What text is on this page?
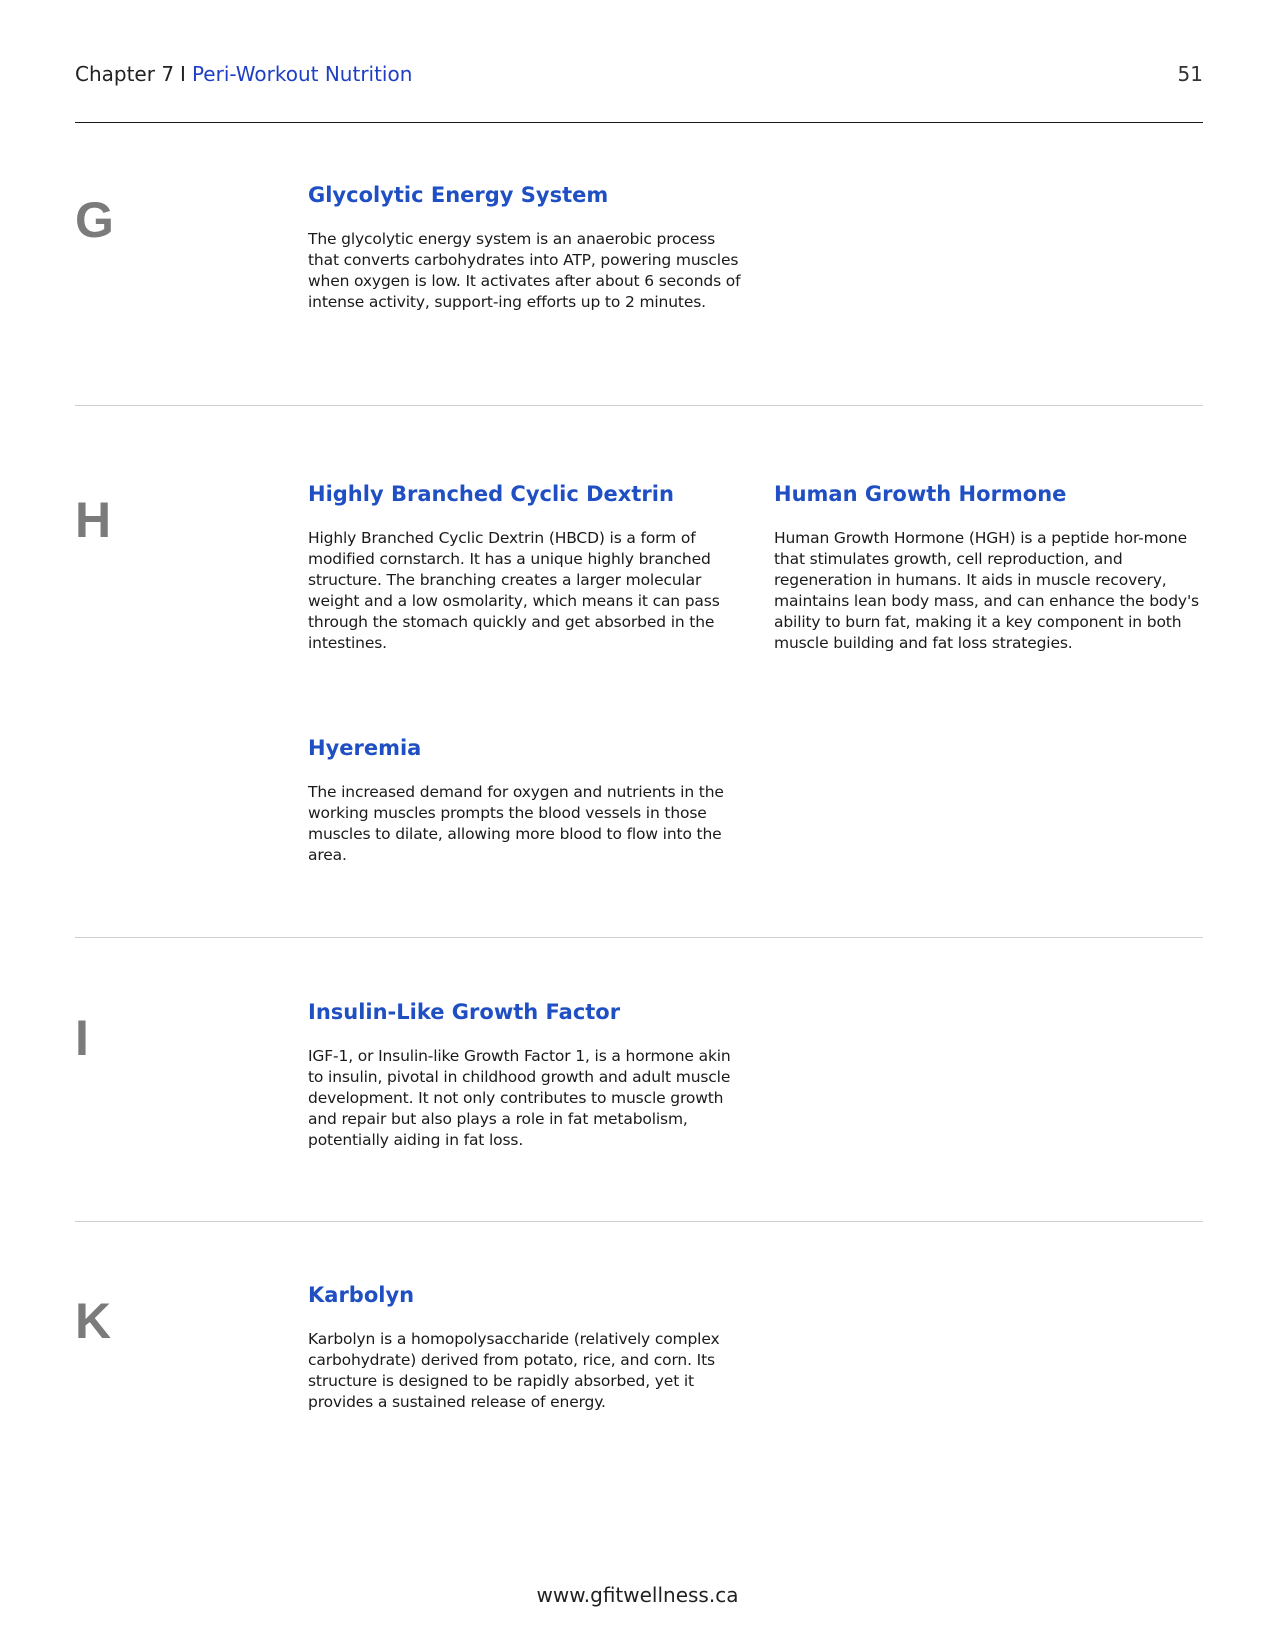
Chapter 7 I Peri-Workout Nutrition	51
G	Glycolytic Energy System
The glycolytic energy system is an anaerobic process that converts carbohydrates into ATP, powering muscles when oxygen is low. It activates after about 6 seconds of intense activity, support-ing efforts up to 2 minutes.
H	Highly Branched Cyclic Dextrin
Highly Branched Cyclic Dextrin (HBCD) is a form of modified cornstarch. It has a unique highly branched structure. The branching creates a larger molecular weight and a low osmolarity, which means it can pass through the stomach quickly and get absorbed in the intestines.
Human Growth Hormone
Human Growth Hormone (HGH) is a peptide hor-mone that stimulates growth, cell reproduction, and regeneration in humans. It aids in muscle recovery, maintains lean body mass, and can enhance the body's ability to burn fat, making it a key component in both muscle building and fat loss strategies.
Hyeremia
The increased demand for oxygen and nutrients in the working muscles prompts the blood vessels in those muscles to dilate, allowing more blood to flow into the area.
I	Insulin-Like Growth Factor
IGF-1, or Insulin-like Growth Factor 1, is a hormone akin to insulin, pivotal in childhood growth and adult muscle development. It not only contributes to muscle growth and repair but also plays a role in fat metabolism, potentially aiding in fat loss.
K	Karbolyn
Karbolyn is a homopolysaccharide (relatively complex carbohydrate) derived from potato, rice, and corn. Its structure is designed to be rapidly absorbed, yet it provides a sustained release of energy.
www.gfitwellness.ca
